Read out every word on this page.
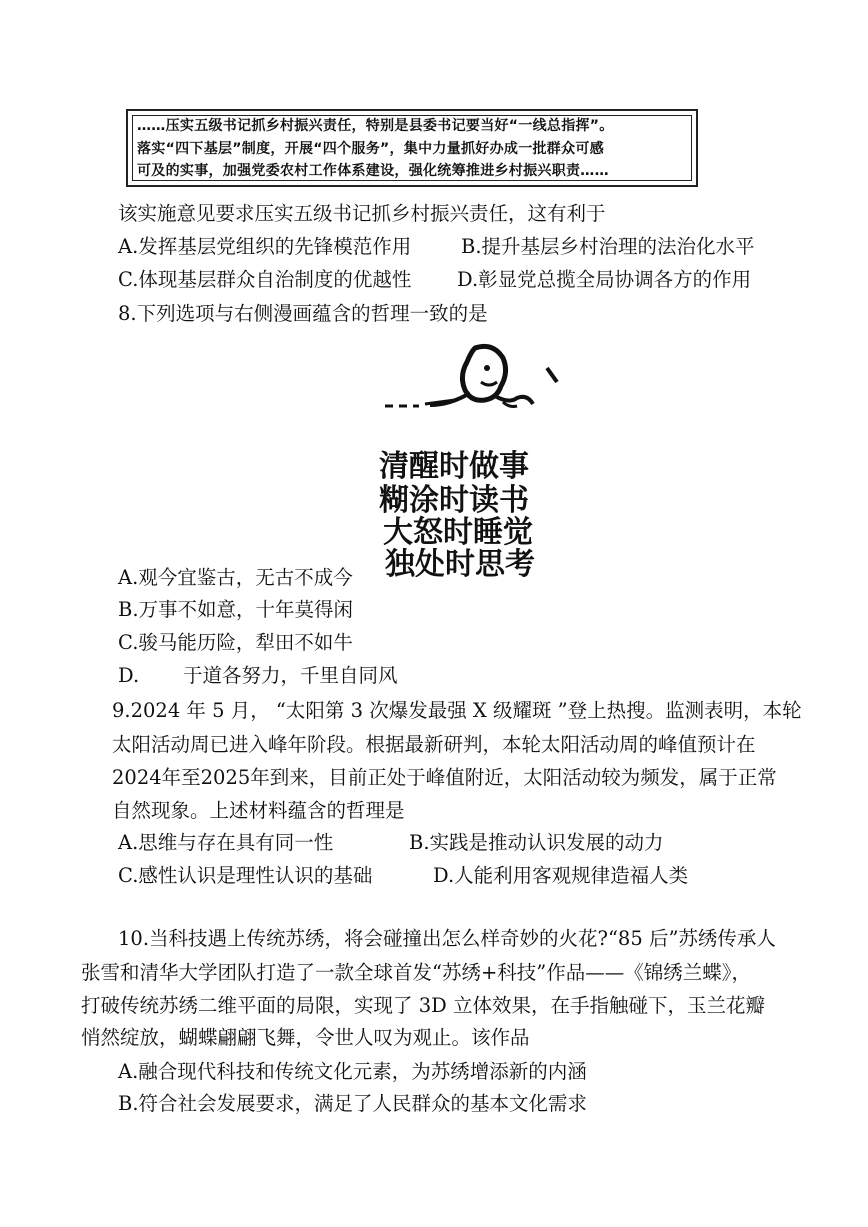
……压实五级书记抓乡村振兴责任，特别是县委书记要当好“一线总指挥”。
落实“四下基层”制度，开展“四个服务”，集中力量抓好办成一批群众可感
可及的实事，加强党委农村工作体系建设，强化统筹推进乡村振兴职责……
该实施意见要求压实五级书记抓乡村振兴责任，这有利于
A.发挥基层党组织的先锋模范作用	B.提升基层乡村治理的法治化水平
C.体现基层群众自治制度的优越性 D.彰显党总揽全局协调各方的作用
8.下列选项与右侧漫画蕴含的哲理一致的是
清醒时做事
糊涂时读书
大怒时睡觉
独处时思考
A.观今宜鉴古，无古不成今
B.万事不如意，十年莫得闲
C.骏马能历险，犁田不如牛
D. 于道各努力，千里自同风
9.2024 年 5 月， “太阳第 3 次爆发最强 X 级耀斑 ”登上热搜。监测表明，本轮
太阳活动周已进入峰年阶段。根据最新研判，本轮太阳活动周的峰值预计在
2024年至2025年到来，目前正处于峰值附近，太阳活动较为频发，属于正常
自然现象。上述材料蕴含的哲理是
A.思维与存在具有同一性	B.实践是推动认识发展的动力
C.感性认识是理性认识的基础	D.人能利用客观规律造福人类
10.当科技遇上传统苏绣，将会碰撞出怎么样奇妙的火花?“85 后”苏绣传承人
张雪和清华大学团队打造了一款全球首发“苏绣+科技”作品——《锦绣兰蝶》，
打破传统苏绣二维平面的局限，实现了 3D 立体效果，在手指触碰下，玉兰花瓣
悄然绽放，蝴蝶翩翩飞舞，令世人叹为观止。该作品
A.融合现代科技和传统文化元素，为苏绣增添新的内涵
B.符合社会发展要求，满足了人民群众的基本文化需求
